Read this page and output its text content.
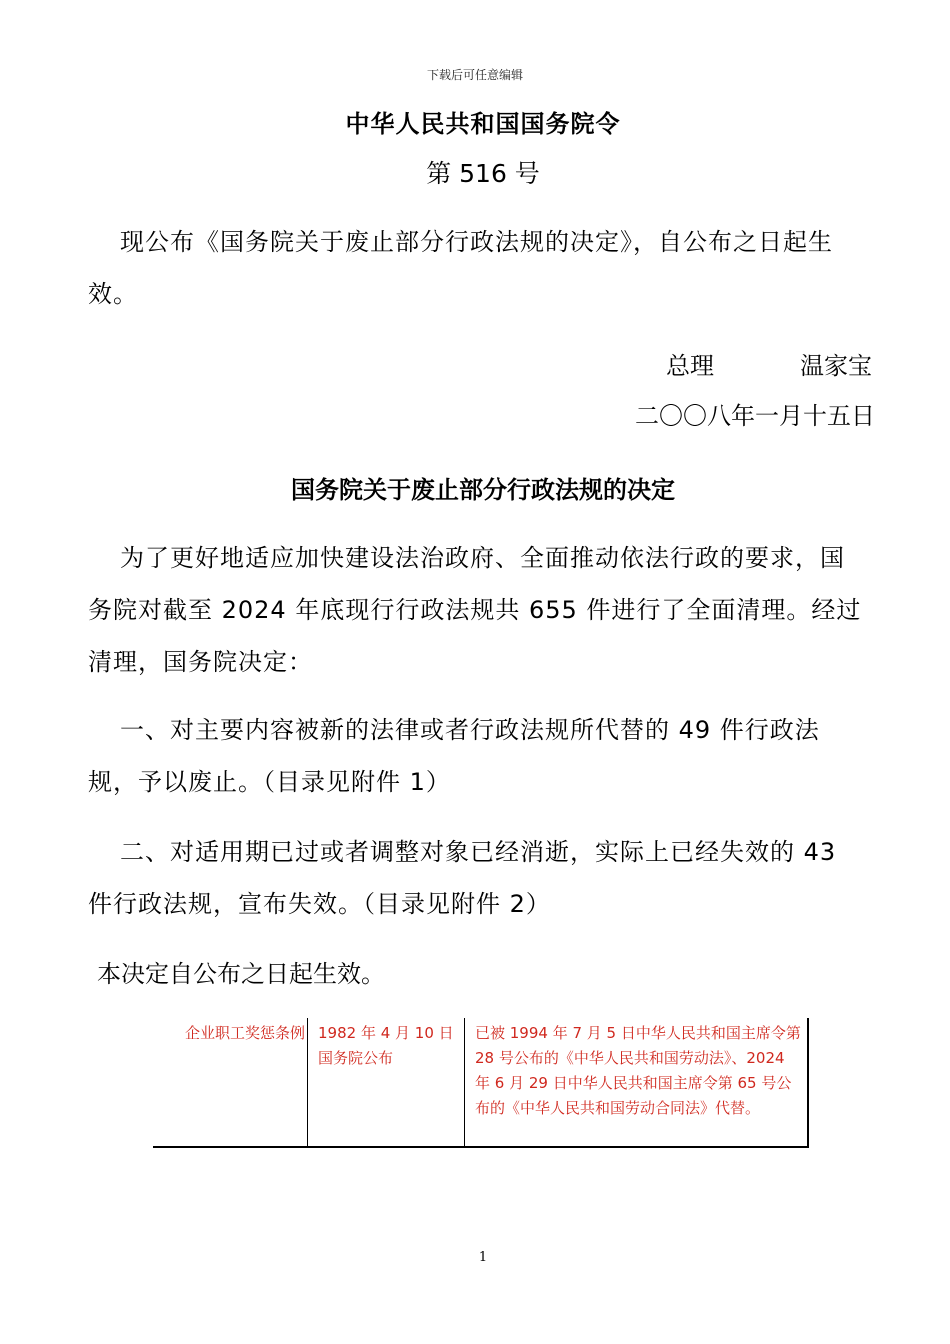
下载后可任意编辑
中华人民共和国国务院令
第 516 号
现公布《国务院关于废止部分行政法规的决定》，自公布之日起生效。
总理	温家宝
二〇〇八年一月十五日
国务院关于废止部分行政法规的决定
为了更好地适应加快建设法治政府、全面推动依法行政的要求，国务院对截至 2024 年底现行行政法规共 655 件进行了全面清理。经过清理，国务院决定：
一、对主要内容被新的法律或者行政法规所代替的 49 件行政法规，予以废止。（目录见附件 1）
二、对适用期已过或者调整对象已经消逝，实际上已经失效的 43 件行政法规，宣布失效。（目录见附件 2）
本决定自公布之日起生效。
企业职工奖惩条例 1982 年 4 月 10 日国务院公布
已被 1994 年 7 月 5 日中华人民共和国主席令第 28 号公布的《中华人民共和国劳动法》、2024 年 6 月 29 日中华人民共和国主席令第 65 号公布的《中华人民共和国劳动合同法》代替。
1
